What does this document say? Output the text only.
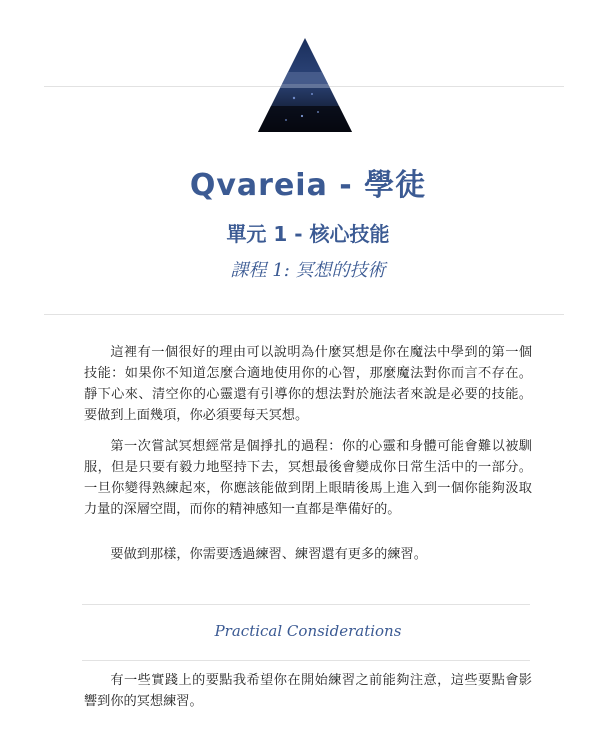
Qvareia - 學徒
單元 1 - 核心技能
課程 1: 冥想的技術

這裡有一個很好的理由可以說明為什麼冥想是你在魔法中學到的第一個技能：如果你不知道怎麼合適地使用你的心智，那麼魔法對你而言不存在。靜下心來、清空你的心靈還有引導你的想法對於施法者來說是必要的技能。要做到上面幾項，你必須要每天冥想。

第一次嘗試冥想經常是個掙扎的過程：你的心靈和身體可能會難以被馴服，但是只要有毅力地堅持下去，冥想最後會變成你日常生活中的一部分。一旦你變得熟練起來，你應該能做到閉上眼睛後馬上進入到一個你能夠汲取力量的深層空間，而你的精神感知一直都是準備好的。

要做到那樣，你需要透過練習、練習還有更多的練習。

Practical Considerations

有一些實踐上的要點我希望你在開始練習之前能夠注意，這些要點會影響到你的冥想練習。
